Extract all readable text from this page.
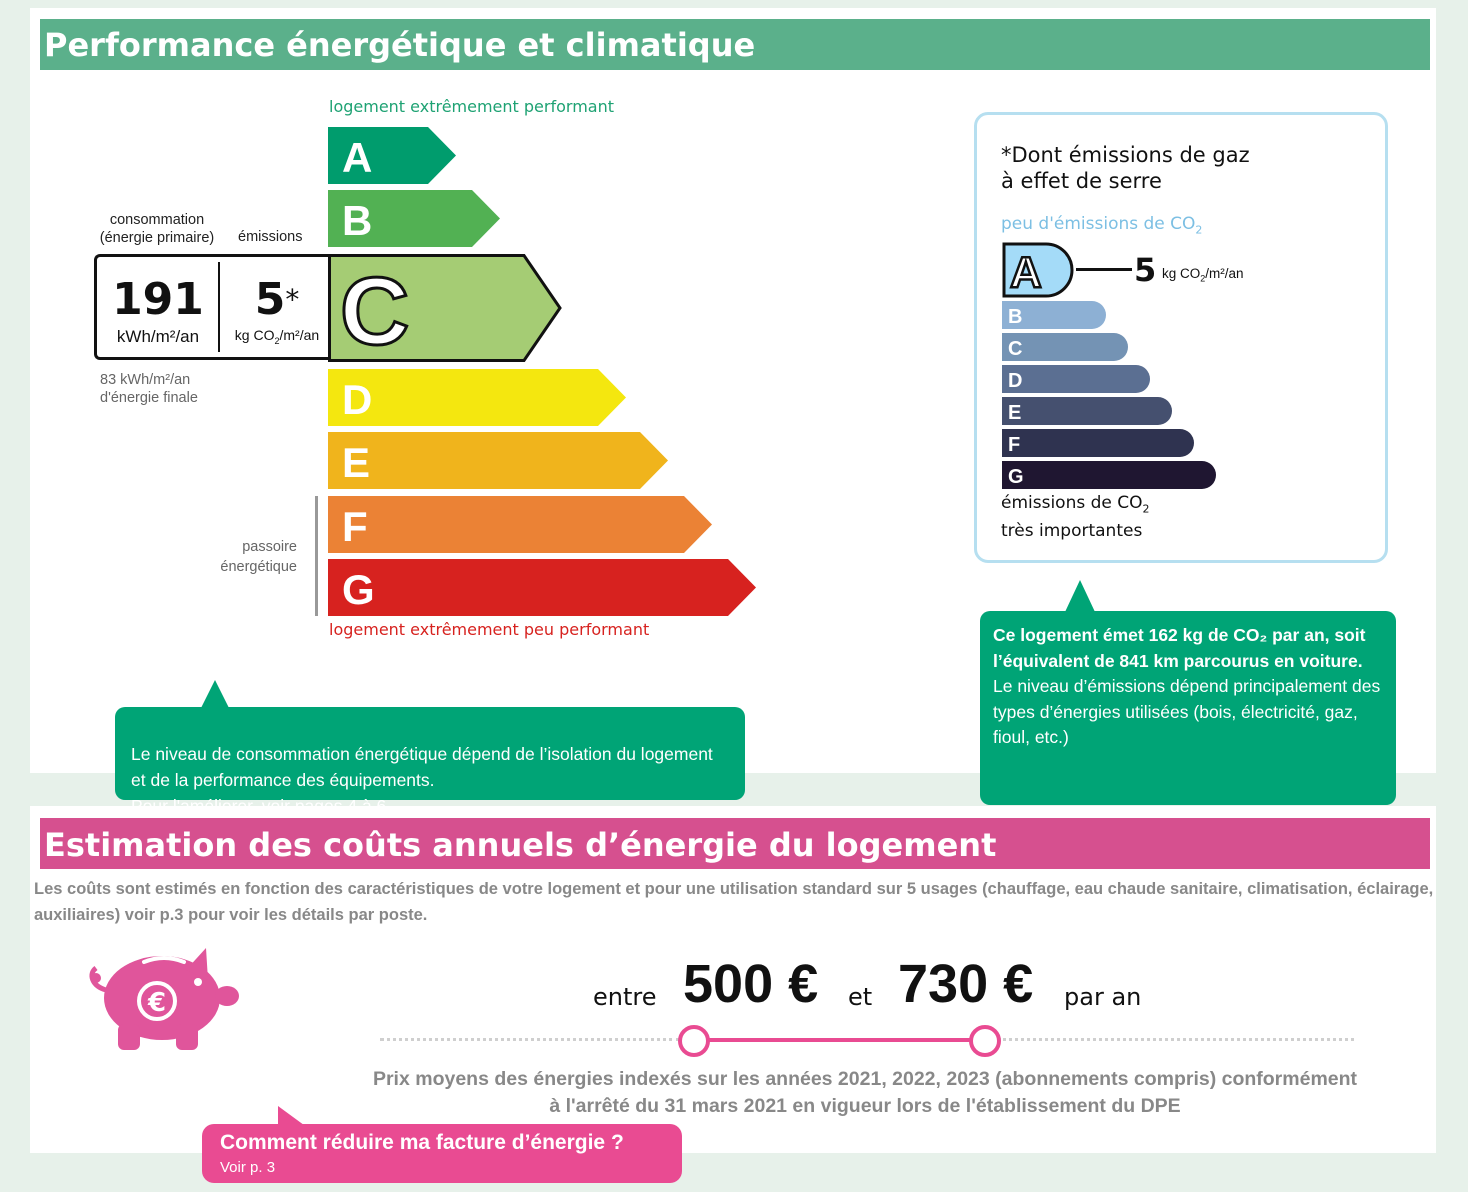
Performance énergétique et climatique
logement extrêmement performant
consommation
(énergie primaire)	émissions
A
B
191
kWh/m²/an
5*
kg $CO_2/m^2/an$ C
D
E
F
G
83 kWh/m²/an
d'énergie finale
passoire
énergétique
logement extrêmement peu performant
*Dont émissions de gaz
à effet de serre
peu d'émissions de $CO_2$
A	5 kg $CO_2/m^2/an$
B
C
D
E
F
G
émissions de $CO_2$
très importantes

Le niveau de consommation énergétique dépend de l’isolation du logement et de la performance des équipements.

Ce logement émet 162 kg de CO₂ par an, soit l’équivalent de 841 km parcourus en voiture.
Le niveau d’émissions dépend principalement des types d’énergies utilisées (bois, électricité, gaz, fioul, etc.)
Estimation des coûts annuels d’énergie du logement
Les coûts sont estimés en fonction des caractéristiques de votre logement et pour une utilisation standard sur 5 usages (chauffage, eau chaude sanitaire, climatisation, éclairage, auxiliaires) voir p.3 pour voir les détails par poste.
€	entre 500 € et 730 € par an
Prix moyens des énergies indexés sur les années 2021, 2022, 2023 (abonnements compris) conformément
à l'arrêté du 31 mars 2021 en vigueur lors de l'établissement du DPE
Comment réduire ma facture d’énergie ?
Voir p. 3
